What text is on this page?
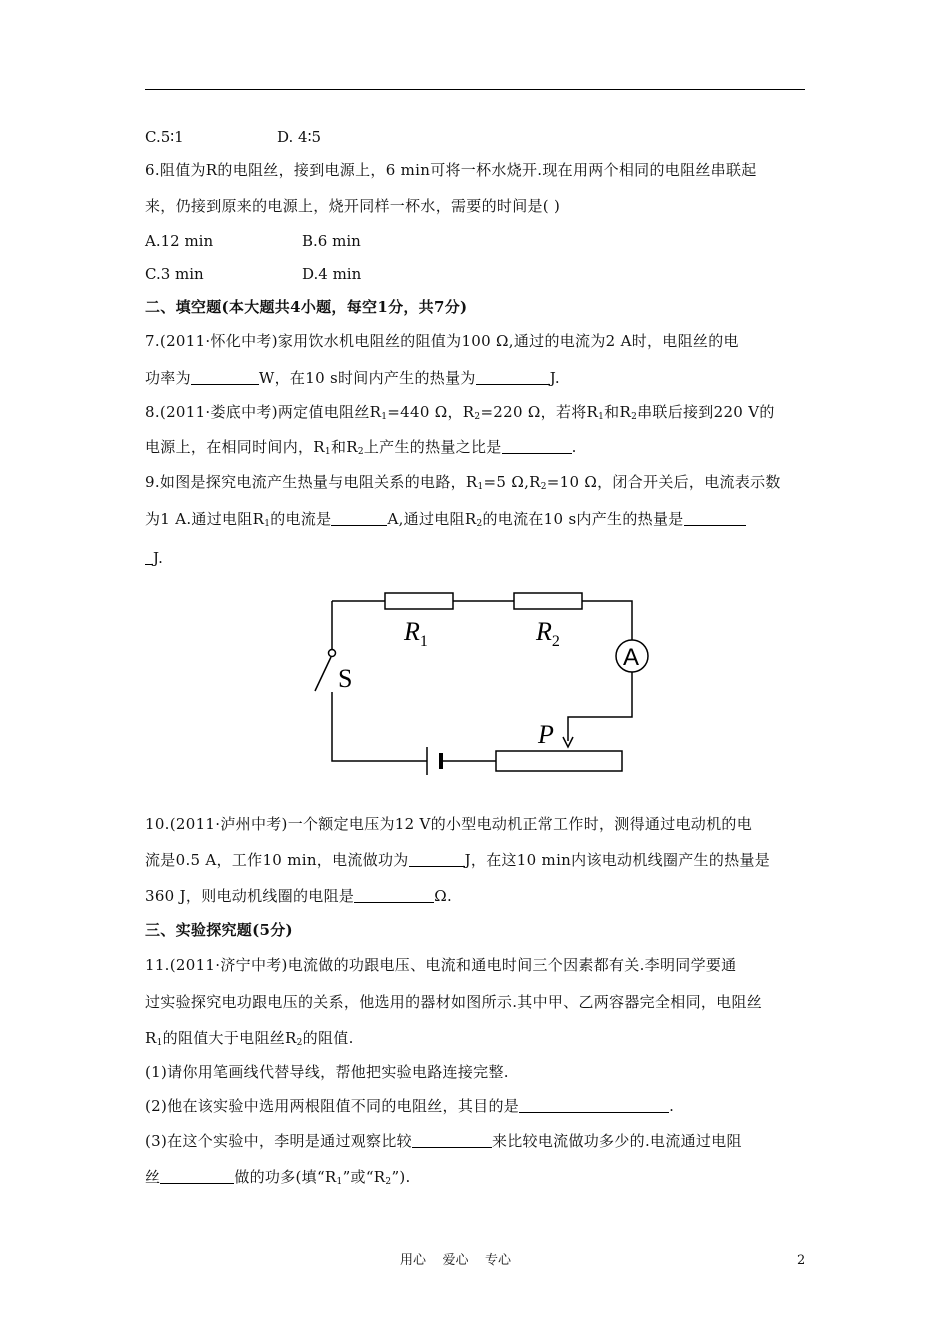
C.5∶1	D. 4∶5
6.阻值为R的电阻丝，接到电源上，6 min可将一杯水烧开.现在用两个相同的电阻丝串联起
来，仍接到原来的电源上，烧开同样一杯水，需要的时间是( )
A.12 min	B.6 min
C.3 min	D.4 min
二、填空题(本大题共4小题，每空1分，共7分)
7.(2011·怀化中考)家用饮水机电阻丝的阻值为100 Ω,通过的电流为2 A时，电阻丝的电
功率为	W，在10 s时间内产生的热量为	J.
8.(2011·娄底中考)两定值电阻丝$R_1=440$ Ω，$R_2=220$ Ω，若将$R_1$和$R_2$串联后接到220 V的
电源上，在相同时间内，$R_1$和$R_2$上产生的热量之比是	.
9.如图是探究电流产生热量与电阻关系的电路，$R_1=5$ $\Omega,R_2=10$ Ω，闭合开关后，电流表示数
为1 A.通过电阻$R_1$的电流是	A,通过电阻$R_2$的电流在10 s内产生的热量是
J.
$R_1$	$R_2$
A
S
P
10.(2011·泸州中考)一个额定电压为12 V的小型电动机正常工作时，测得通过电动机的电
流是0.5 A，工作10 min，电流做功为	J，在这10 min内该电动机线圈产生的热量是
360 J，则电动机线圈的电阻是	Ω.
三、实验探究题(5分)
11.(2011·济宁中考)电流做的功跟电压、电流和通电时间三个因素都有关.李明同学要通
过实验探究电功跟电压的关系，他选用的器材如图所示.其中甲、乙两容器完全相同，电阻丝
$R_1$的阻值大于电阻丝$R_2$的阻值.
(1)请你用笔画线代替导线，帮他把实验电路连接完整.
(2)他在该实验中选用两根阻值不同的电阻丝，其目的是	.
(3)在这个实验中，李明是通过观察比较	来比较电流做功多少的.电流通过电阻
丝	做的功多(填“$R_1$”或“$R_2$”).
用心    爱心    专心	2
